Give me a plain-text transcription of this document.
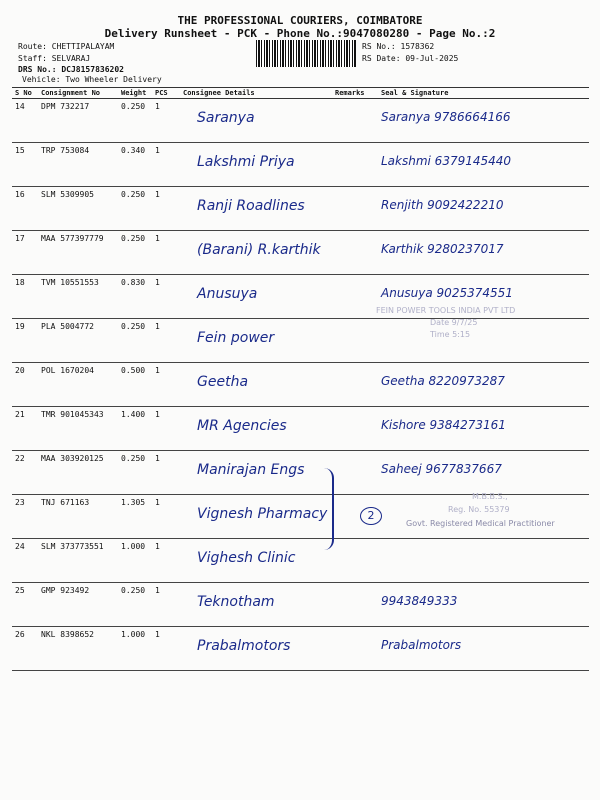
THE PROFESSIONAL COURIERS, COIMBATORE
Delivery Runsheet - PCK - Phone No.:9047080280 - Page No.:2
Route: CHETTIPALAYAM
Staff: SELVARAJ
DRS No.: DCJ8157836202
Vehicle: Two Wheeler Delivery
RS No.: 1578362
RS Date: 09-Jul-2025
S No	Consignment No	Weight	PCS	Consignee Details	Remarks	Seal & Signature
14	DPM 732217	0.250	1	Saranya		Saranya 9786664166

15	TRP 753084	0.340	1	Lakshmi Priya		Lakshmi 6379145440

16	SLM 5309905	0.250	1	Ranji Roadlines		Renjith 9092422210

17	MAA 577397779	0.250	1	(Barani) R.karthik		Karthik 9280237017

18	TVM 10551553	0.830	1	Anusuya		Anusuya 9025374551

19	PLA 5004772	0.250	1	Fein power		

20	POL 1670204	0.500	1	Geetha		Geetha 8220973287

21	TMR 901045343	1.400	1	MR Agencies		Kishore 9384273161

22	MAA 303920125	0.250	1	Manirajan Engs		Saheej 9677837667

23	TNJ 671163	1.305	1	Vignesh Pharmacy		

24	SLM 373773551	1.000	1	Vighesh Clinic		

25	GMP 923492	0.250	1	Teknotham		9943849333

26	NKL 8398652	1.000	1	Prabalmotors		Prabalmotors
FEIN POWER TOOLS INDIA PVT LTD
Date 9/7/25
Time 5:15
M.B.B.S.,
Reg. No. 55379
Govt. Registered Medical Practitioner
2
